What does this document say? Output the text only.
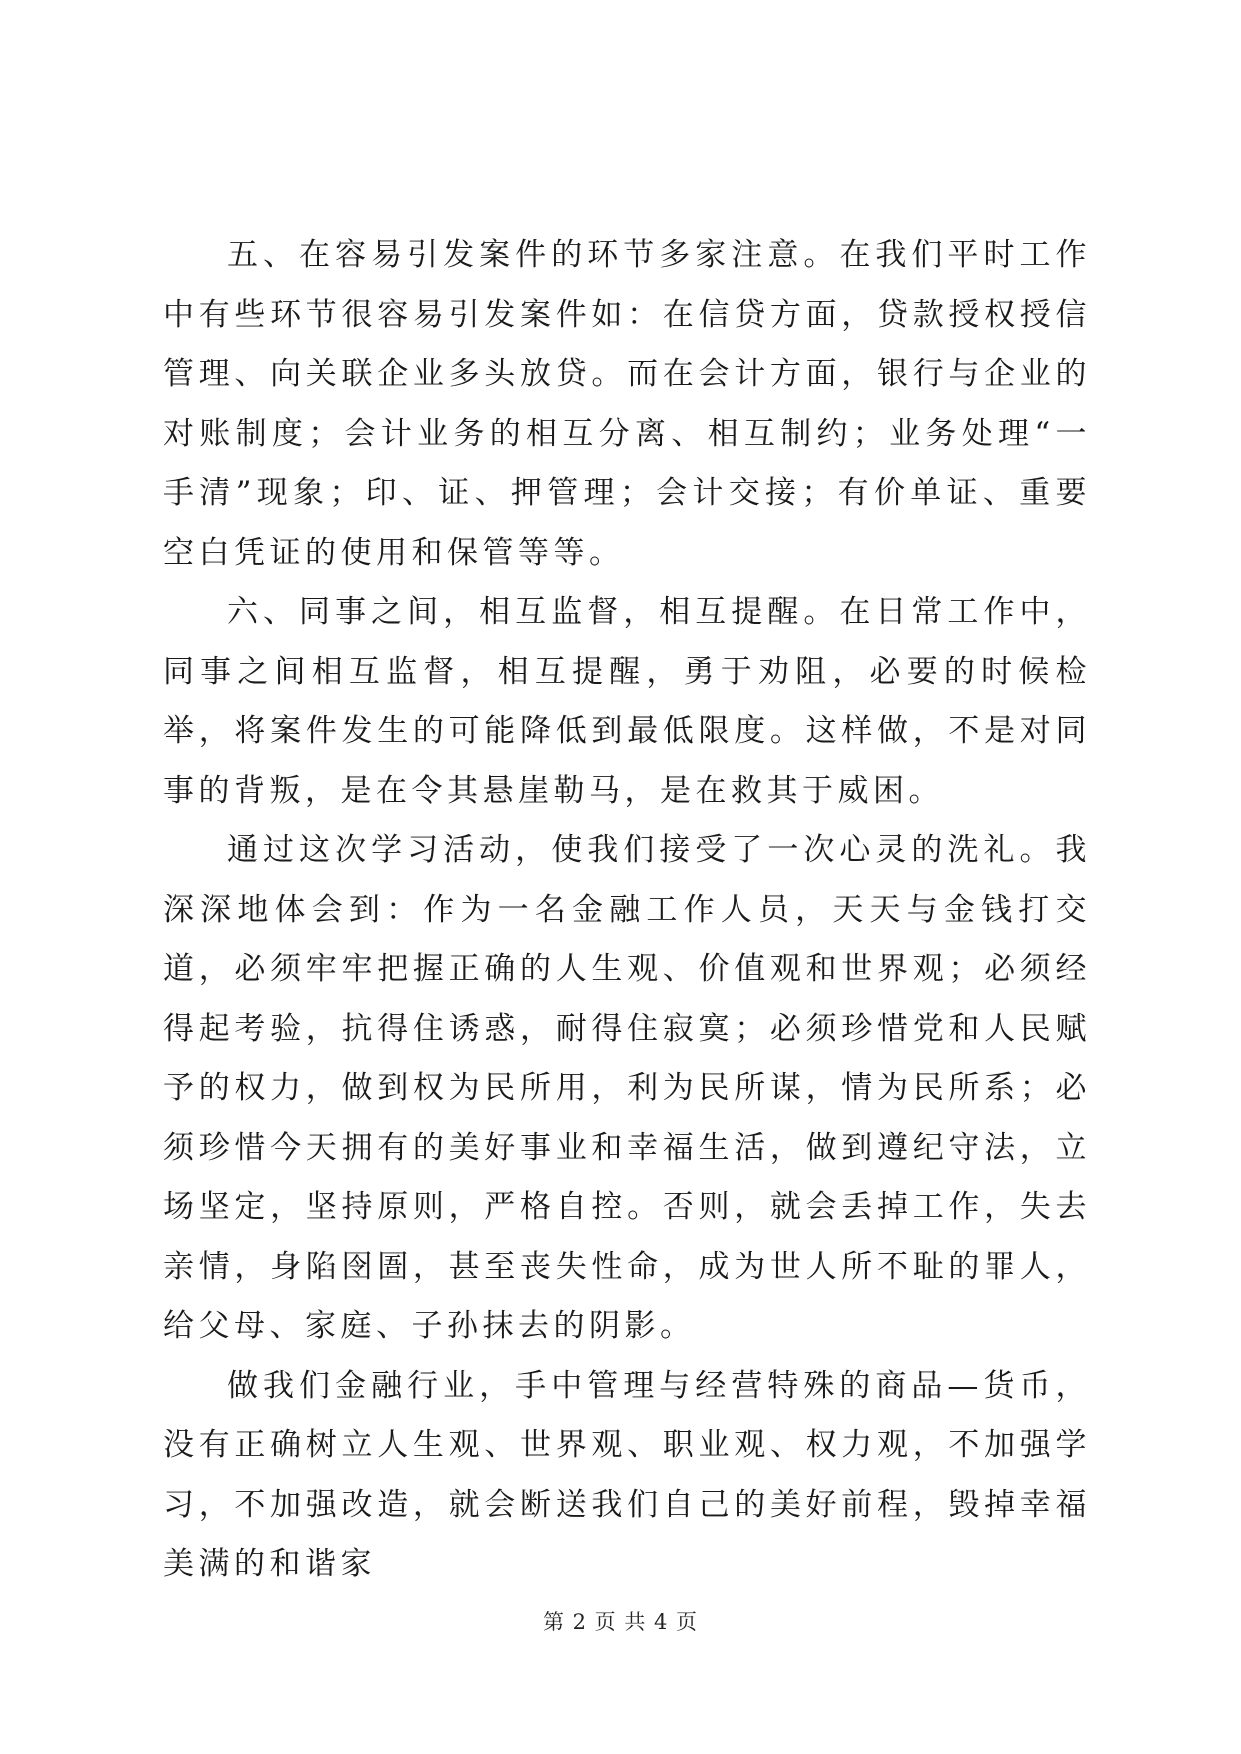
五、在容易引发案件的环节多家注意。在我们平时工作中有些环节很容易引发案件如：在信贷方面，贷款授权授信管理、向关联企业多头放贷。而在会计方面，银行与企业的对账制度；会计业务的相互分离、相互制约；业务处理“一手清”现象；印、证、押管理；会计交接；有价单证、重要空白凭证的使用和保管等等。

六、同事之间，相互监督，相互提醒。在日常工作中，同事之间相互监督，相互提醒，勇于劝阻，必要的时候检举，将案件发生的可能降低到最低限度。这样做，不是对同事的背叛，是在令其悬崖勒马，是在救其于威困。

通过这次学习活动，使我们接受了一次心灵的洗礼。我深深地体会到：作为一名金融工作人员，天天与金钱打交道，必须牢牢把握正确的人生观、价值观和世界观；必须经得起考验，抗得住诱惑，耐得住寂寞；必须珍惜党和人民赋予的权力，做到权为民所用，利为民所谋，情为民所系；必须珍惜今天拥有的美好事业和幸福生活，做到遵纪守法，立场坚定，坚持原则，严格自控。否则，就会丢掉工作，失去亲情，身陷囹圄，甚至丧失性命，成为世人所不耻的罪人，给父母、家庭、子孙抹去的阴影。

做我们金融行业，手中管理与经营特殊的商品—货币，没有正确树立人生观、世界观、职业观、权力观，不加强学习，不加强改造，就会断送我们自己的美好前程，毁掉幸福美满的和谐家

第 2 页 共 4 页
